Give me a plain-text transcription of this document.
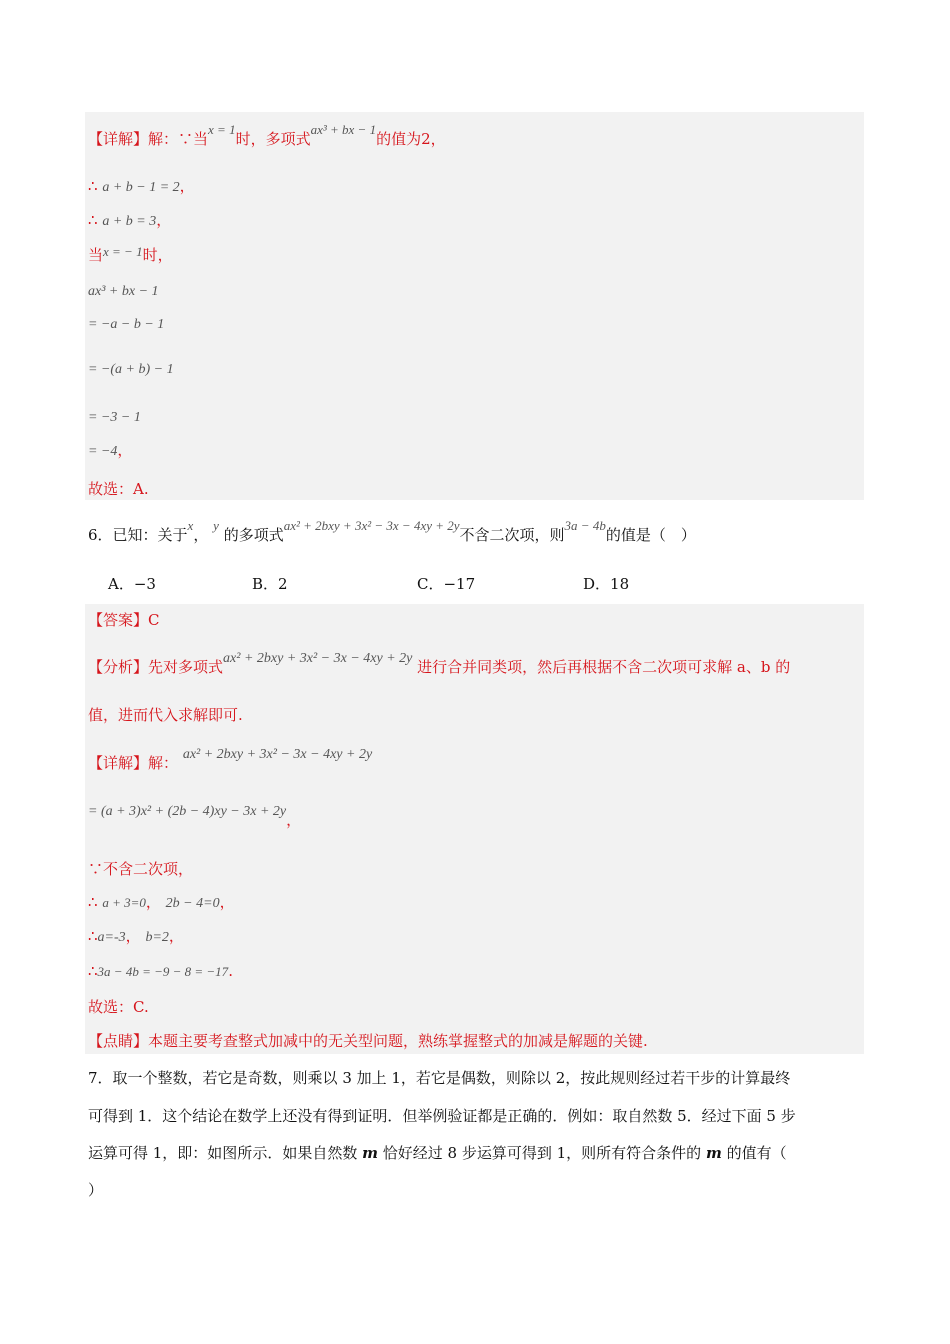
【详解】解：∵当x = 1时，多项式ax³ + bx − 1的值为2，
∴ a + b − 1 = 2，
∴ a + b = 3，
当x = − 1时，
ax³ + bx − 1
= −a − b − 1
= −(a + b) − 1
= −3 − 1
= −4，
故选：A.
6．已知：关于x， y 的多项式ax² + 2bxy + 3x² − 3x − 4xy + 2y不含二次项，则3a − 4b的值是（　）
A．−3	B．2	C．−17	D．18
【答案】C
【分析】先对多项式ax² + 2bxy + 3x² − 3x − 4xy + 2y 进行合并同类项，然后再根据不含二次项可求解 a、b 的
值，进而代入求解即可.
【详解】解： ax² + 2bxy + 3x² − 3x − 4xy + 2y
= (a + 3)x² + (2b − 4)xy − 3x + 2y，
∵不含二次项，
∴ a + 3=0， 2b − 4=0，
∴a=-3， b=2，
∴3a − 4b = −9 − 8 = −17.
故选：C.
【点睛】本题主要考查整式加减中的无关型问题，熟练掌握整式的加减是解题的关键.
7．取一个整数，若它是奇数，则乘以 3 加上 1，若它是偶数，则除以 2，按此规则经过若干步的计算最终
可得到 1．这个结论在数学上还没有得到证明．但举例验证都是正确的．例如：取自然数 5．经过下面 5 步
运算可得 1，即：如图所示．如果自然数 m 恰好经过 8 步运算可得到 1，则所有符合条件的 m 的值有（
）
